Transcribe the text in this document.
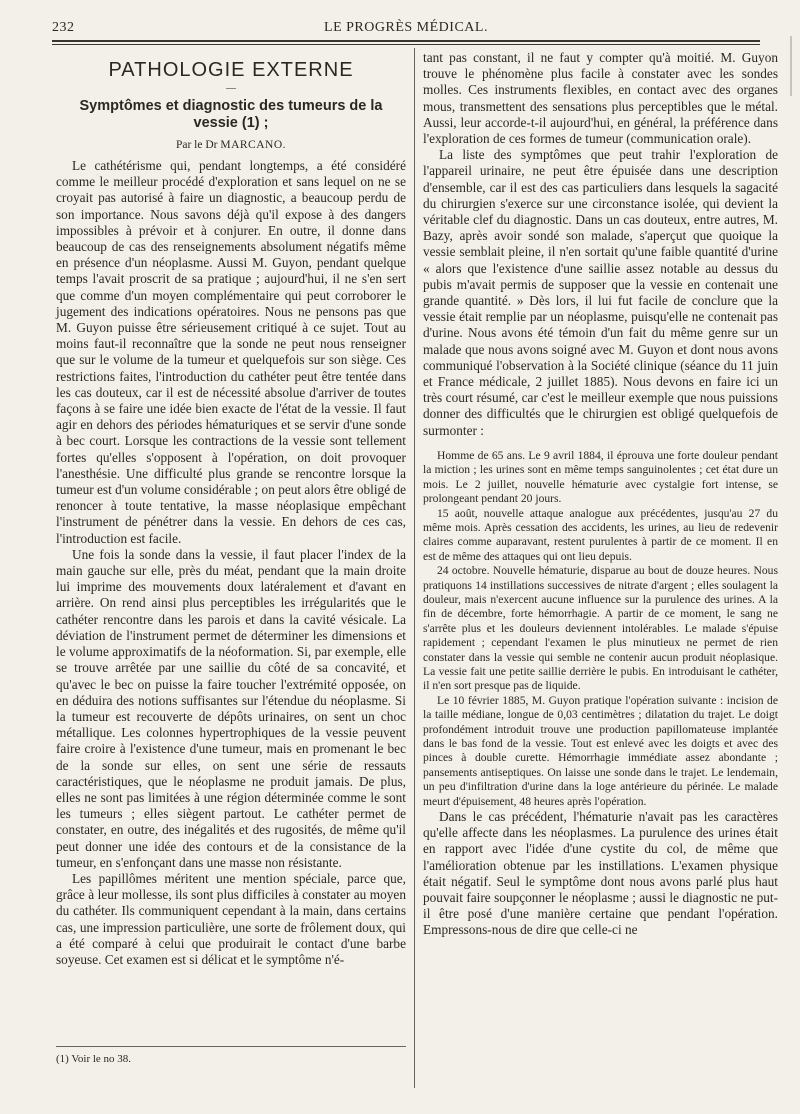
232	LE PROGRÈS MÉDICAL.
PATHOLOGIE EXTERNE
—
Symptômes et diagnostic des tumeurs de la vessie (1) ;
Par le Dr MARCANO.

Le cathétérisme qui, pendant longtemps, a été considéré comme le meilleur procédé d'exploration et sans lequel on ne se croyait pas autorisé à faire un diagnostic, a beaucoup perdu de son importance. Nous savons déjà qu'il expose à des dangers impossibles à prévoir et à conjurer. En outre, il donne dans beaucoup de cas des renseignements absolument négatifs même en présence d'un néoplasme. Aussi M. Guyon, pendant quelque temps l'avait proscrit de sa pratique ; aujourd'hui, il ne s'en sert que comme d'un moyen complémentaire qui peut corroborer le jugement des indications opératoires. Nous ne pensons pas que M. Guyon puisse être sérieusement critiqué à ce sujet. Tout au moins faut-il reconnaître que la sonde ne peut nous renseigner que sur le volume de la tumeur et quelquefois sur son siège. Ces restrictions faites, l'introduction du cathéter peut être tentée dans les cas douteux, car il est de nécessité absolue d'arriver de toutes façons à se faire une idée bien exacte de l'état de la vessie. Il faut agir en dehors des périodes hématuriques et se servir d'une sonde à bec court. Lorsque les contractions de la vessie sont tellement fortes qu'elles s'opposent à l'opération, on doit provoquer l'anesthésie. Une difficulté plus grande se rencontre lorsque la tumeur est d'un volume considérable ; on peut alors être obligé de renoncer à toute tentative, la masse néoplasique empêchant l'instrument de pénétrer dans la vessie. En dehors de ces cas, l'introduction est facile.

Une fois la sonde dans la vessie, il faut placer l'index de la main gauche sur elle, près du méat, pendant que la main droite lui imprime des mouvements doux latéralement et d'avant en arrière. On rend ainsi plus perceptibles les irrégularités que le cathéter rencontre dans les parois et dans la cavité vésicale. La déviation de l'instrument permet de déterminer les dimensions et le volume approximatifs de la néoformation. Si, par exemple, elle se trouve arrêtée par une saillie du côté de sa concavité, et qu'avec le bec on puisse la faire toucher l'extrémité opposée, on en déduira des notions suffisantes sur l'étendue du néoplasme. Si la tumeur est recouverte de dépôts urinaires, on sent un choc métallique. Les colonnes hypertrophiques de la vessie peuvent faire croire à l'existence d'une tumeur, mais en promenant le bec de la sonde sur elles, on sent une série de ressauts caractéristiques, que le néoplasme ne produit jamais. De plus, elles ne sont pas limitées à une région déterminée comme le sont les tumeurs ; elles siègent partout. Le cathéter permet de constater, en outre, des inégalités et des rugosités, de même qu'il peut donner une idée des contours et de la consistance de la tumeur, en s'enfonçant dans une masse non résistante.

Les papillômes méritent une mention spéciale, parce que, grâce à leur mollesse, ils sont plus difficiles à constater au moyen du cathéter. Ils communiquent cependant à la main, dans certains cas, une impression particulière, une sorte de frôlement doux, qui a été comparé à celui que produirait le contact d'une barbe soyeuse. Cet examen est si délicat et le symptôme n'é-

(1) Voir le no 38.

tant pas constant, il ne faut y compter qu'à moitié. M. Guyon trouve le phénomène plus facile à constater avec les sondes molles. Ces instruments flexibles, en contact avec des organes mous, transmettent des sensations plus perceptibles que le métal. Aussi, leur accorde-t-il aujourd'hui, en général, la préférence dans l'exploration de ces formes de tumeur (communication orale).

La liste des symptômes que peut trahir l'exploration de l'appareil urinaire, ne peut être épuisée dans une description d'ensemble, car il est des cas particuliers dans lesquels la sagacité du chirurgien s'exerce sur une circonstance isolée, qui devient la véritable clef du diagnostic. Dans un cas douteux, entre autres, M. Bazy, après avoir sondé son malade, s'aperçut que quoique la vessie semblait pleine, il n'en sortait qu'une faible quantité d'urine « alors que l'existence d'une saillie assez notable au dessus du pubis m'avait permis de supposer que la vessie en contenait une grande quantité. » Dès lors, il lui fut facile de conclure que la vessie était remplie par un néoplasme, puisqu'elle ne contenait pas d'urine. Nous avons été témoin d'un fait du même genre sur un malade que nous avons soigné avec M. Guyon et dont nous avons communiqué l'observation à la Société clinique (séance du 11 juin et France médicale, 2 juillet 1885). Nous devons en faire ici un très court résumé, car c'est le meilleur exemple que nous puissions donner des difficultés que le chirurgien est obligé quelquefois de surmonter :

Homme de 65 ans. Le 9 avril 1884, il éprouva une forte douleur pendant la miction ; les urines sont en même temps sanguinolentes ; cet état dure un mois. Le 2 juillet, nouvelle hématurie avec cystalgie fort intense, se prolongeant pendant 20 jours.

15 août, nouvelle attaque analogue aux précédentes, jusqu'au 27 du même mois. Après cessation des accidents, les urines, au lieu de redevenir claires comme auparavant, restent purulentes à partir de ce moment. Il en est de même des attaques qui ont lieu depuis.

24 octobre. Nouvelle hématurie, disparue au bout de douze heures. Nous pratiquons 14 instillations successives de nitrate d'argent ; elles soulagent la douleur, mais n'exercent aucune influence sur la purulence des urines. A la fin de décembre, forte hémorrhagie. A partir de ce moment, le sang ne s'arrête plus et les douleurs deviennent intolérables. Le malade s'épuise rapidement ; cependant l'examen le plus minutieux ne permet de rien constater dans la vessie qui semble ne contenir aucun produit néoplasique. La vessie fait une petite saillie derrière le pubis. En introduisant le cathéter, il n'en sort presque pas de liquide.

Le 10 février 1885, M. Guyon pratique l'opération suivante : incision de la taille médiane, longue de 0,03 centimètres ; dilatation du trajet. Le doigt profondément introduit trouve une production papillomateuse implantée dans le bas fond de la vessie. Tout est enlevé avec les doigts et avec des pinces à double curette. Hémorrhagie immédiate assez abondante ; pansements antiseptiques. On laisse une sonde dans le trajet. Le lendemain, un peu d'infiltration d'urine dans la loge antérieure du périnée. Le malade meurt d'épuisement, 48 heures après l'opération.

Dans le cas précédent, l'hématurie n'avait pas les caractères qu'elle affecte dans les néoplasmes. La purulence des urines était en rapport avec l'idée d'une cystite du col, de même que l'amélioration obtenue par les instillations. L'examen physique était négatif. Seul le symptôme dont nous avons parlé plus haut pouvait faire soupçonner le néoplasme ; aussi le diagnostic ne put-il être posé d'une manière certaine que pendant l'opération. Empressons-nous de dire que celle-ci ne
